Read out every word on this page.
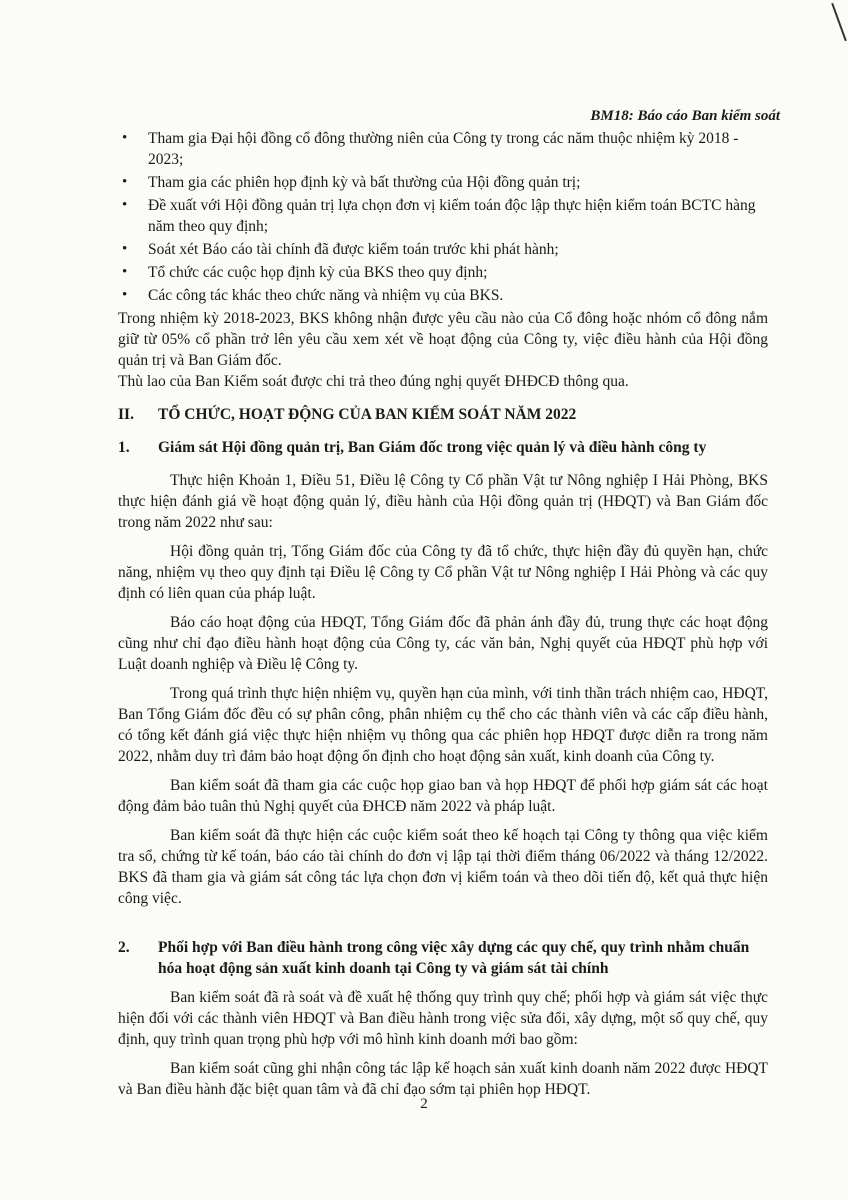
BM18: Báo cáo Ban kiểm soát
• Tham gia Đại hội đồng cổ đông thường niên của Công ty trong các năm thuộc nhiệm kỳ 2018 - 2023;
• Tham gia các phiên họp định kỳ và bất thường của Hội đồng quản trị;
• Đề xuất với Hội đồng quản trị lựa chọn đơn vị kiểm toán độc lập thực hiện kiểm toán BCTC hàng năm theo quy định;
• Soát xét Báo cáo tài chính đã được kiểm toán trước khi phát hành;
• Tổ chức các cuộc họp định kỳ của BKS theo quy định;
• Các công tác khác theo chức năng và nhiệm vụ của BKS.

Trong nhiệm kỳ 2018-2023, BKS không nhận được yêu cầu nào của Cổ đông hoặc nhóm cổ đông nắm giữ từ 05% cổ phần trở lên yêu cầu xem xét về hoạt động của Công ty, việc điều hành của Hội đồng quản trị và Ban Giám đốc.

Thù lao của Ban Kiểm soát được chi trả theo đúng nghị quyết ĐHĐCĐ thông qua.

II.	TỔ CHỨC, HOẠT ĐỘNG CỦA BAN KIỂM SOÁT NĂM 2022
1.	Giám sát Hội đồng quản trị, Ban Giám đốc trong việc quản lý và điều hành công ty

Thực hiện Khoản 1, Điều 51, Điều lệ Công ty Cổ phần Vật tư Nông nghiệp I Hải Phòng, BKS thực hiện đánh giá về hoạt động quản lý, điều hành của Hội đồng quản trị (HĐQT) và Ban Giám đốc trong năm 2022 như sau:

Hội đồng quản trị, Tổng Giám đốc của Công ty đã tổ chức, thực hiện đầy đủ quyền hạn, chức năng, nhiệm vụ theo quy định tại Điều lệ Công ty Cổ phần Vật tư Nông nghiệp I Hải Phòng và các quy định có liên quan của pháp luật.

Báo cáo hoạt động của HĐQT, Tổng Giám đốc đã phản ánh đầy đủ, trung thực các hoạt động cũng như chỉ đạo điều hành hoạt động của Công ty, các văn bản, Nghị quyết của HĐQT phù hợp với Luật doanh nghiệp và Điều lệ Công ty.

Trong quá trình thực hiện nhiệm vụ, quyền hạn của mình, với tinh thần trách nhiệm cao, HĐQT, Ban Tổng Giám đốc đều có sự phân công, phân nhiệm cụ thể cho các thành viên và các cấp điều hành, có tổng kết đánh giá việc thực hiện nhiệm vụ thông qua các phiên họp HĐQT được diễn ra trong năm 2022, nhằm duy trì đảm bảo hoạt động ổn định cho hoạt động sản xuất, kinh doanh của Công ty.

Ban kiểm soát đã tham gia các cuộc họp giao ban và họp HĐQT để phối hợp giám sát các hoạt động đảm bảo tuân thủ Nghị quyết của ĐHCĐ năm 2022 và pháp luật.

Ban kiểm soát đã thực hiện các cuộc kiểm soát theo kế hoạch tại Công ty thông qua việc kiểm tra sổ, chứng từ kế toán, báo cáo tài chính do đơn vị lập tại thời điểm tháng 06/2022 và tháng 12/2022. BKS đã tham gia và giám sát công tác lựa chọn đơn vị kiểm toán và theo dõi tiến độ, kết quả thực hiện công việc.

2.	Phối hợp với Ban điều hành trong công việc xây dựng các quy chế, quy trình nhằm chuẩn hóa hoạt động sản xuất kinh doanh tại Công ty và giám sát tài chính

Ban kiểm soát đã rà soát và đề xuất hệ thống quy trình quy chế; phối hợp và giám sát việc thực hiện đối với các thành viên HĐQT và Ban điều hành trong việc sửa đổi, xây dựng, một số quy chế, quy định, quy trình quan trọng phù hợp với mô hình kinh doanh mới bao gồm:

Ban kiểm soát cũng ghi nhận công tác lập kế hoạch sản xuất kinh doanh năm 2022 được HĐQT và Ban điều hành đặc biệt quan tâm và đã chỉ đạo sớm tại phiên họp HĐQT.

2
